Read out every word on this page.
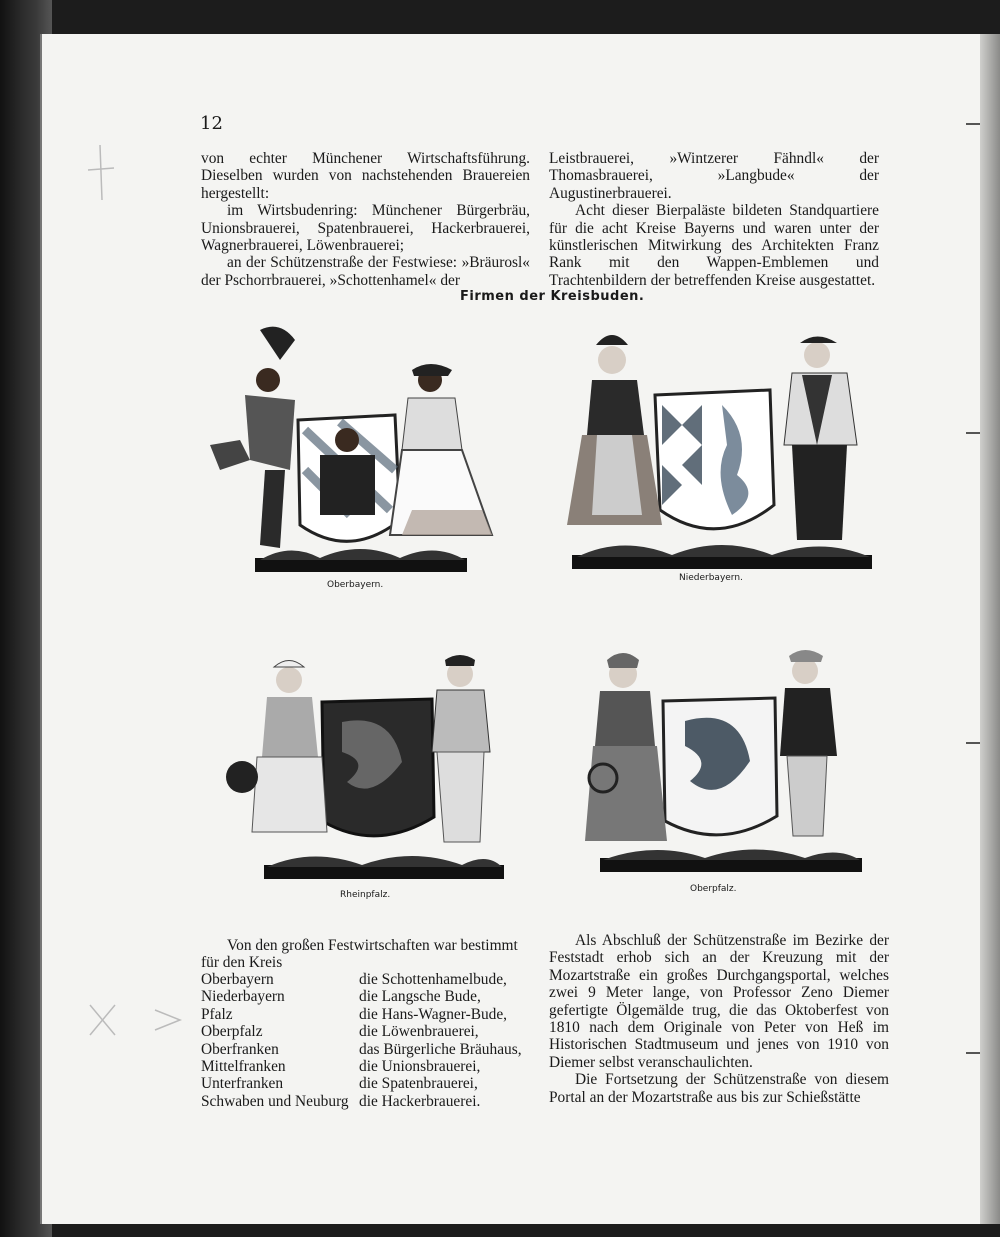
12

von echter Münchener Wirtschaftsführung. Dieselben wurden von nachstehenden Brauereien hergestellt:

im Wirtsbudenring: Münchener Bürgerbräu, Unionsbrauerei, Spatenbrauerei, Hackerbrauerei, Wagnerbrauerei, Löwenbrauerei;

an der Schützenstraße der Festwiese: »Bräurosl« der Pschorrbrauerei, »Schottenhamel« der

Leistbrauerei, »Wintzerer Fähndl« der Thomasbrauerei, »Langbude« der Augustinerbrauerei.

Acht dieser Bierpaläste bildeten Standquartiere für die acht Kreise Bayerns und waren unter der künstlerischen Mitwirkung des Architekten Franz Rank mit den Wappen-Emblemen und Trachtenbildern der betreffenden Kreise ausgestattet.

Firmen der Kreisbuden.
Oberbayern.
Niederbayern.
Rheinpfalz.
Oberpfalz.

Von den großen Festwirtschaften war bestimmt

für den Kreis

Oberbayern	die Schottenhamelbude,
Niederbayern	die Langsche Bude,
Pfalz	die Hans-Wagner-Bude,
Oberpfalz	die Löwenbrauerei,
Oberfranken	das Bürgerliche Bräuhaus,
Mittelfranken	die Unionsbrauerei,
Unterfranken	die Spatenbrauerei,
Schwaben und Neuburg	die Hackerbrauerei.

Als Abschluß der Schützenstraße im Bezirke der Feststadt erhob sich an der Kreuzung mit der Mozartstraße ein großes Durchgangsportal, welches zwei 9 Meter lange, von Professor Zeno Diemer gefertigte Ölgemälde trug, die das Oktoberfest von 1810 nach dem Originale von Peter von Heß im Historischen Stadtmuseum und jenes von 1910 von Diemer selbst veranschaulichten.

Die Fortsetzung der Schützenstraße von diesem Portal an der Mozartstraße aus bis zur Schießstätte
